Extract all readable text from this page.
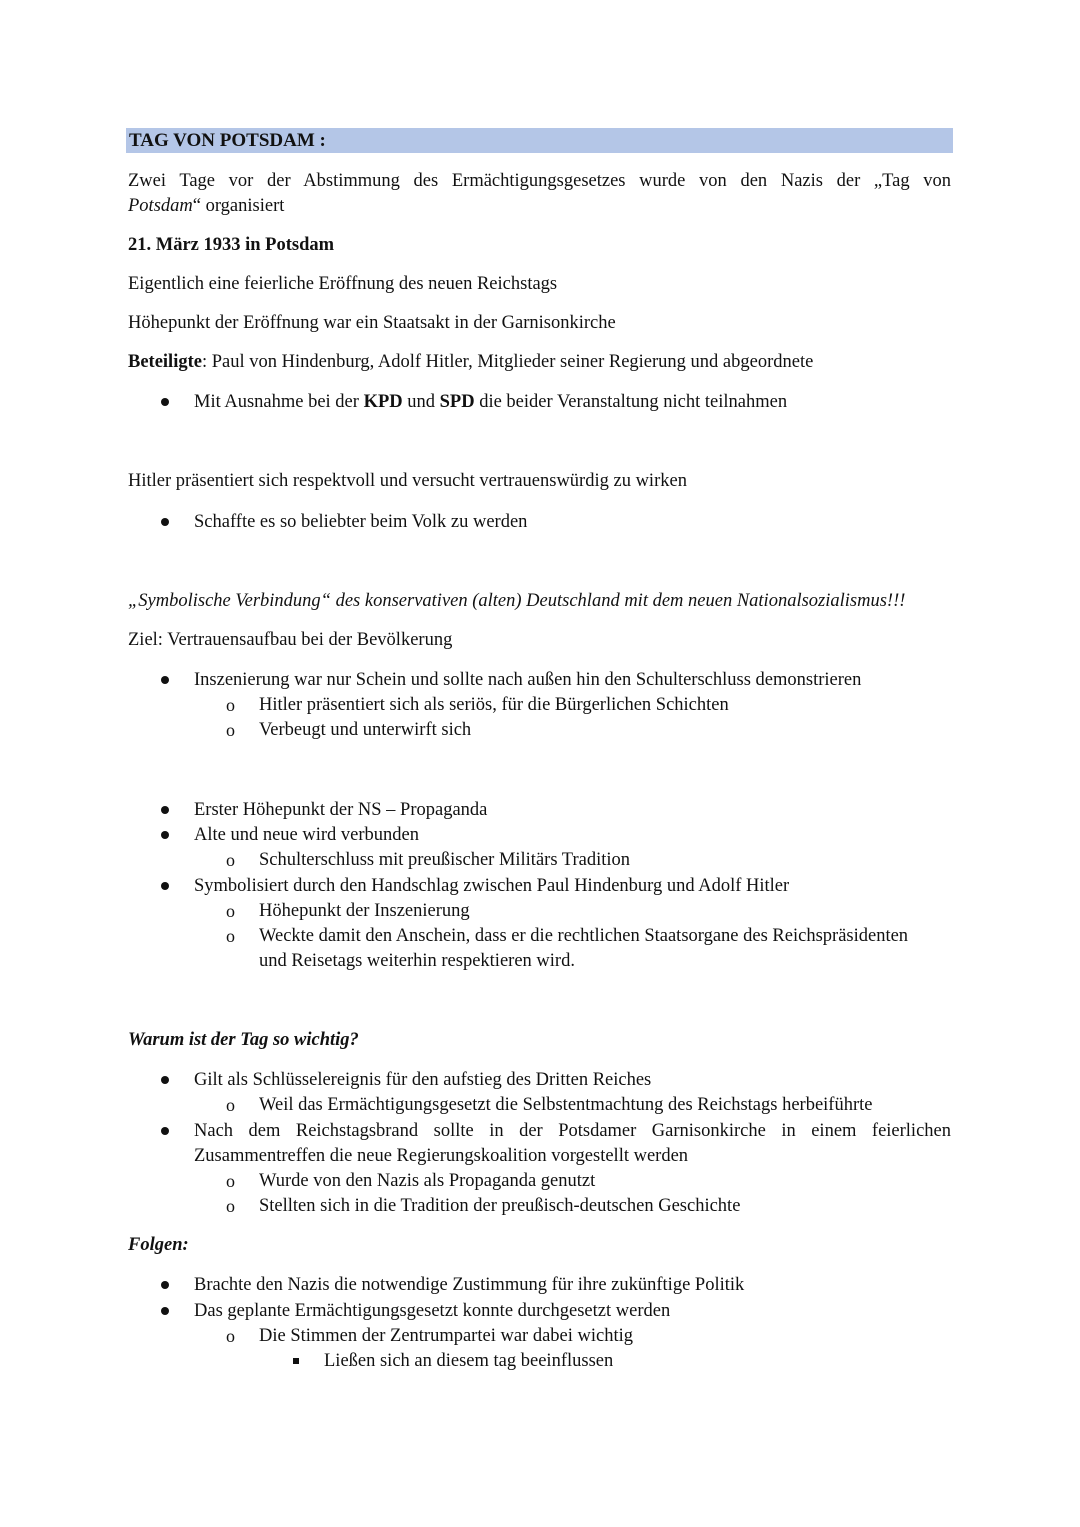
TAG VON POTSDAM :
Zwei Tage vor der Abstimmung des Ermächtigungsgesetzes wurde von den Nazis der „Tag von
Potsdam“ organisiert
21. März 1933 in Potsdam
Eigentlich eine feierliche Eröffnung des neuen Reichstags
Höhepunkt der Eröffnung war ein Staatsakt in der Garnisonkirche
Beteiligte: Paul von Hindenburg, Adolf Hitler, Mitglieder seiner Regierung und abgeordnete
Mit Ausnahme bei der KPD und SPD die beider Veranstaltung nicht teilnahmen
Hitler präsentiert sich respektvoll und versucht vertrauenswürdig zu wirken
Schaffte es so beliebter beim Volk zu werden
„Symbolische Verbindung“ des konservativen (alten) Deutschland mit dem neuen Nationalsozialismus!!!
Ziel: Vertrauensaufbau bei der Bevölkerung
Inszenierung war nur Schein und sollte nach außen hin den Schulterschluss demonstrieren
o Hitler präsentiert sich als seriös, für die Bürgerlichen Schichten
o Verbeugt und unterwirft sich
Erster Höhepunkt der NS – Propaganda
Alte und neue wird verbunden
o Schulterschluss mit preußischer Militärs Tradition
Symbolisiert durch den Handschlag zwischen Paul Hindenburg und Adolf Hitler
o Höhepunkt der Inszenierung
o Weckte damit den Anschein, dass er die rechtlichen Staatsorgane des Reichspräsidenten
und Reisetags weiterhin respektieren wird.
Warum ist der Tag so wichtig?
Gilt als Schlüsselereignis für den aufstieg des Dritten Reiches
o Weil das Ermächtigungsgesetzt die Selbstentmachtung des Reichstags herbeiführte
Nach dem Reichstagsbrand sollte in der Potsdamer Garnisonkirche in einem feierlichen
Zusammentreffen die neue Regierungskoalition vorgestellt werden
o Wurde von den Nazis als Propaganda genutzt
o Stellten sich in die Tradition der preußisch-deutschen Geschichte
Folgen:
Brachte den Nazis die notwendige Zustimmung für ihre zukünftige Politik
Das geplante Ermächtigungsgesetzt konnte durchgesetzt werden
o Die Stimmen der Zentrumpartei war dabei wichtig
Ließen sich an diesem tag beeinflussen
